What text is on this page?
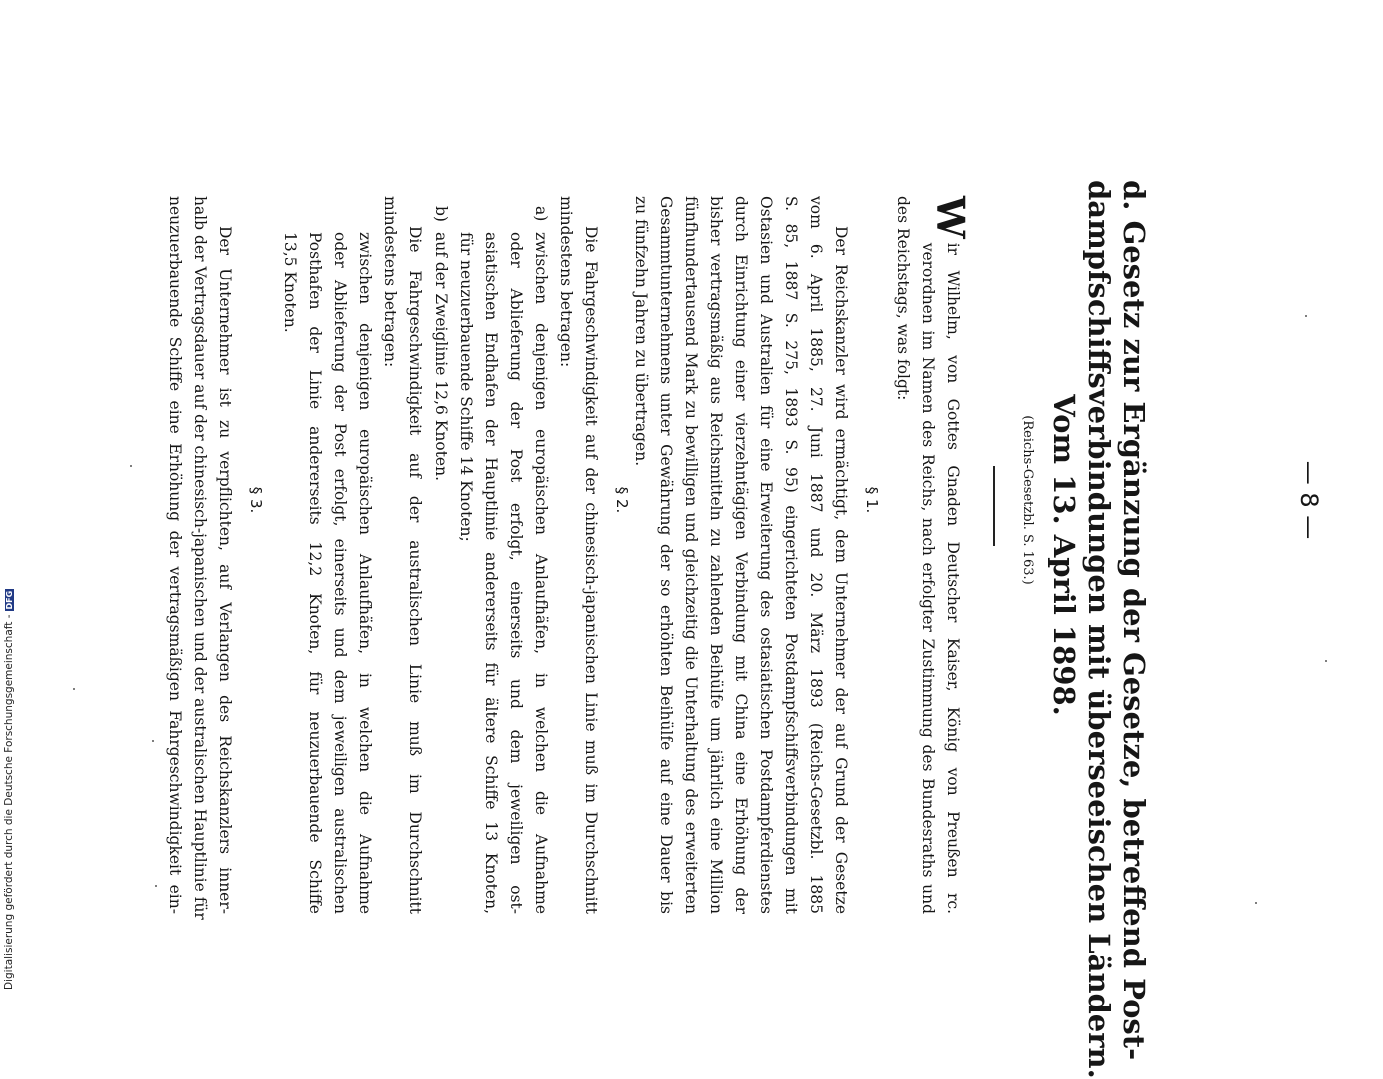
— 8 —
d. Gesetz zur Ergänzung der Gesetze, betreffend Post-
dampfschiffsverbindungen mit überseeischen Ländern.
Vom 13. April 1898.
(Reichs-Gesetzbl. S. 163.)
W
ir Wilhelm, von Gottes Gnaden Deutscher Kaiser, König von Preußen rc.
verordnen im Namen des Reichs, nach erfolgter Zustimmung des Bundesraths und
des Reichstags, was folgt:
§ 1.
Der Reichskanzler wird ermächtigt, dem Unternehmer der auf Grund der Gesetze
vom 6. April 1885, 27. Juni 1887 und 20. März 1893 (Reichs-Gesetzbl. 1885
S. 85, 1887 S. 275, 1893 S. 95) eingerichteten Postdampfschiffsverbindungen mit
Ostasien und Australien für eine Erweiterung des ostasiatischen Postdampferdienstes
durch Einrichtung einer vierzehntägigen Verbindung mit China eine Erhöhung der
bisher vertragsmäßig aus Reichsmitteln zu zahlenden Beihülfe um jährlich eine Million
fünfhundertausend Mark zu bewilligen und gleichzeitig die Unterhaltung des erweiterten
Gesammtunternehmens unter Gewährung der so erhöhten Beihülfe auf eine Dauer bis
zu fünfzehn Jahren zu übertragen.
§ 2.
Die Fahrgeschwindigkeit auf der chinesisch-japanischen Linie muß im Durchschnitt
mindestens betragen:
a)
zwischen denjenigen europäischen Anlaufhäfen, in welchen die Aufnahme
oder Ablieferung der Post erfolgt, einerseits und dem jeweiligen ost-
asiatischen Endhafen der Hauptlinie andererseits für ältere Schiffe 13 Knoten,
für neuzuerbauende Schiffe 14 Knoten;
b)
auf der Zweiglinie 12,6 Knoten.
Die Fahrgeschwindigkeit auf der australischen Linie muß im Durchschnitt
mindestens betragen:
zwischen denjenigen europäischen Anlaufhäfen, in welchen die Aufnahme
oder Ablieferung der Post erfolgt, einerseits und dem jeweiligen australischen
Posthafen der Linie andererseits 12,2 Knoten, für neuzuerbauende Schiffe
13,5 Knoten.
§ 3.
Der Unternehmer ist zu verpflichten, auf Verlangen des Reichskanzlers inner-
halb der Vertragsdauer auf der chinesisch-japanischen und der australischen Hauptlinie für
neuzuerbauende Schiffe eine Erhöhung der vertragsmäßigen Fahrgeschwindigkeit ein-
Digitalisierung gefördert durch die Deutsche Forschungsgemeinschaft -DFG
